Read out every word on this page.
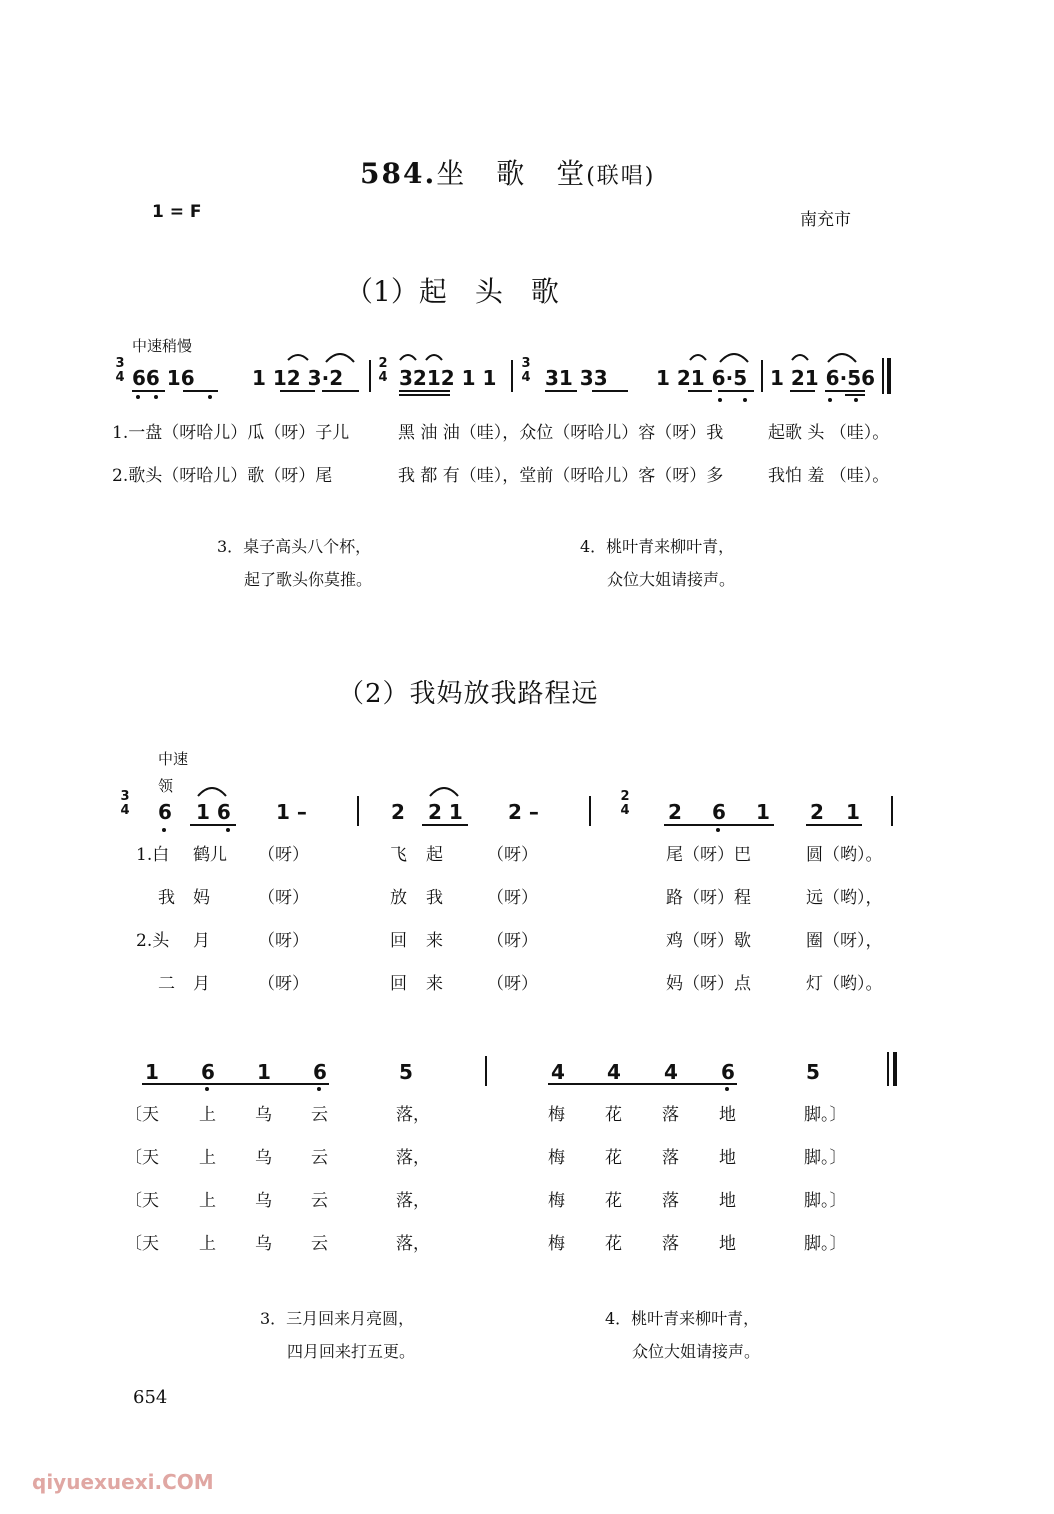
584.坐　歌　堂(联唱)
1 = F	南充市
（1）起　头　歌
中速稍慢
3
4
2
4
3
4
66 16	1 12 3·2	3212 1 1 31 33 1 21 6·5 1 21 6·56
1.一盘（呀哈儿）瓜（呀）子儿	黑 油 油（哇），众位（呀哈儿）容（呀）我	起歌 头 （哇）。
2.歌头（呀哈儿）歌（呀）尾	我 都 有（哇），堂前（呀哈儿）客（呀）多	我怕 羞 （哇）。
3．桌子高头八个杯，
起了歌头你莫推。
4．桃叶青来柳叶青，
众位大姐请接声。
（2）我妈放我路程远
中速
领
3
4
2
4
6 1 6 1 –	2 2 1 2 –	2 6 1 2 1
1.白 鹤儿 （呀）	飞 起	（呀）	尾（呀）巴	圆（哟）。
我 妈	（呀）	放 我	（呀）	路（呀）程	远（哟），
2.头 月	（呀）	回 来	（呀）	鸡（呀）歇	圈（呀），
二 月	（呀）	回 来	（呀）	妈（呀）点	灯（哟）。
1 6 1 6	5	4 4 4 6	5
〔天 上 乌 云	落，	梅 花 落 地	脚。〕
〔天 上 乌 云	落，	梅 花 落 地	脚。〕
〔天 上 乌 云	落，	梅 花 落 地	脚。〕
〔天 上 乌 云	落，	梅 花 落 地	脚。〕
3．三月回来月亮圆，
四月回来打五更。
4．桃叶青来柳叶青，
众位大姐请接声。
654
qiyuexuexi.COM
